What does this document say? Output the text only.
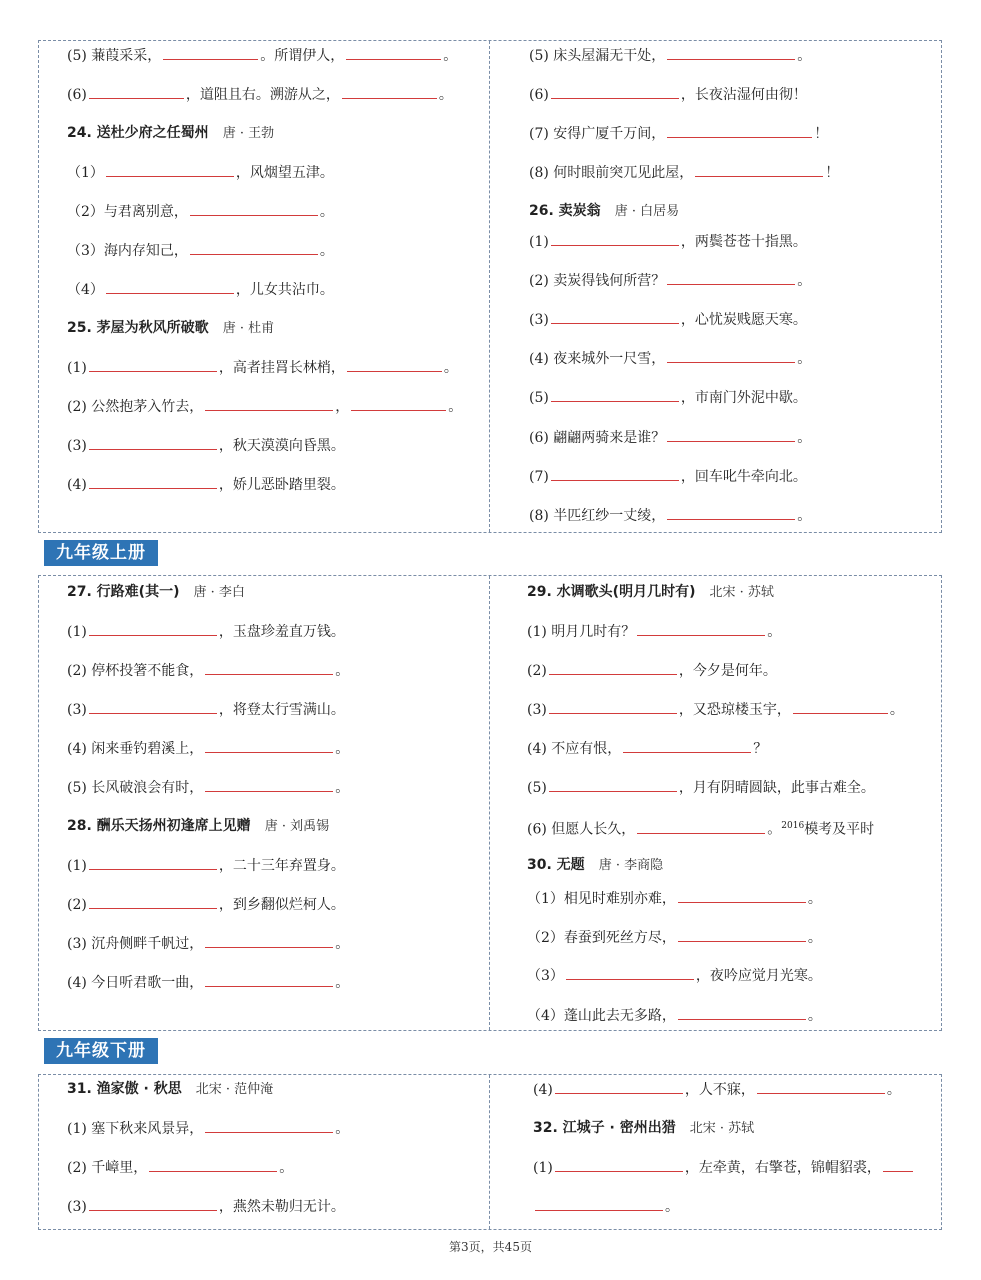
(5) 蒹葭采采，	。所谓伊人，	。
(6)	，道阻且右。溯游从之，	。
24. 送杜少府之任蜀州 唐 · 王勃
（1）	，风烟望五津。
（2）与君离别意，	。
（3）海内存知己，	。
（4）	，儿女共沾巾。
25. 茅屋为秋风所破歌 唐 · 杜甫
(1)	，高者挂罥长林梢，	。
(2) 公然抱茅入竹去，	，	。
(3)	，秋天漠漠向昏黑。
(4)	，娇儿恶卧踏里裂。
(5) 床头屋漏无干处，	。
(6)	，长夜沾湿何由彻！
(7) 安得广厦千万间，	！
(8) 何时眼前突兀见此屋，	！
26. 卖炭翁 唐 · 白居易
(1)	，两鬓苍苍十指黑。
(2) 卖炭得钱何所营？	。
(3)	，心忧炭贱愿天寒。
(4) 夜来城外一尺雪，	。
(5)	，市南门外泥中歇。
(6) 翩翩两骑来是谁？	。
(7)	，回车叱牛牵向北。
(8) 半匹红纱一丈绫，	。
九年级上册
27. 行路难(其一) 唐 · 李白
(1)	，玉盘珍羞直万钱。
(2) 停杯投箸不能食，	。
(3)	，将登太行雪满山。
(4) 闲来垂钓碧溪上，	。
(5) 长风破浪会有时，	。
28. 酬乐天扬州初逢席上见赠 唐 · 刘禹锡
(1)	，二十三年弃置身。
(2)	，到乡翻似烂柯人。
(3) 沉舟侧畔千帆过，	。
(4) 今日听君歌一曲，	。
29. 水调歌头(明月几时有) 北宋 · 苏轼
(1) 明月几时有？	。
(2)	，今夕是何年。
(3)	，又恐琼楼玉宇，	。
(4) 不应有恨，	？
(5)	，月有阴晴圆缺，此事古难全。
(6) 但愿人长久，	。$^{2016}$模考及平时
30. 无题 唐 · 李商隐
（1）相见时难别亦难，	。
（2）春蚕到死丝方尽，	。
（3）	，夜吟应觉月光寒。
（4）蓬山此去无多路，	。
九年级下册
31. 渔家傲 · 秋思 北宋 · 范仲淹
(1) 塞下秋来风景异，	。
(2) 千嶂里，	。
(3)	，燕然未勒归无计。
(4)	，人不寐，	。
32. 江城子 · 密州出猎 北宋 · 苏轼
(1)	，左牵黄，右擎苍，锦帽貂裘，
。
第3页，共45页
